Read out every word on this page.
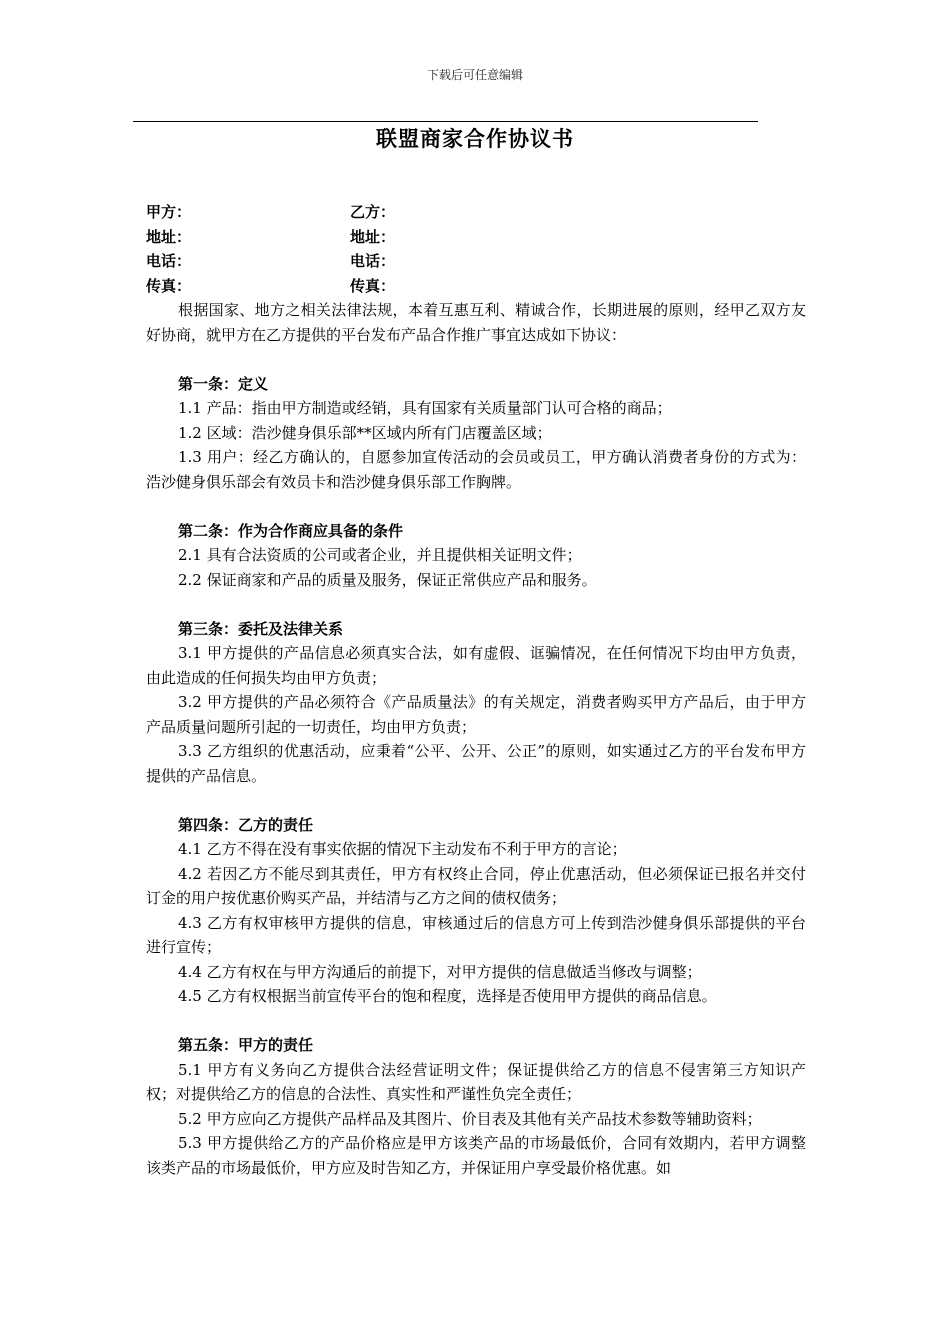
下载后可任意编辑
联盟商家合作协议书
甲方：	乙方：
地址：	地址：
电话：	电话：
传真：	传真：

根据国家、地方之相关法律法规，本着互惠互利、精诚合作，长期进展的原则，经甲乙双方友好协商，就甲方在乙方提供的平台发布产品合作推广事宜达成如下协议：

第一条：定义

1.1 产品：指由甲方制造或经销，具有国家有关质量部门认可合格的商品；

1.2 区域：浩沙健身俱乐部**区域内所有门店覆盖区域；

1.3 用户：经乙方确认的，自愿参加宣传活动的会员或员工，甲方确认消费者身份的方式为：浩沙健身俱乐部会有效员卡和浩沙健身俱乐部工作胸牌。

第二条：作为合作商应具备的条件

2.1 具有合法资质的公司或者企业，并且提供相关证明文件；

2.2 保证商家和产品的质量及服务，保证正常供应产品和服务。

第三条：委托及法律关系

3.1 甲方提供的产品信息必须真实合法，如有虚假、诓骗情况，在任何情况下均由甲方负责，由此造成的任何损失均由甲方负责；

3.2 甲方提供的产品必须符合《产品质量法》的有关规定，消费者购买甲方产品后，由于甲方产品质量问题所引起的一切责任，均由甲方负责；

3.3 乙方组织的优惠活动，应秉着“公平、公开、公正”的原则，如实通过乙方的平台发布甲方提供的产品信息。

第四条：乙方的责任

4.1 乙方不得在没有事实依据的情况下主动发布不利于甲方的言论；

4.2 若因乙方不能尽到其责任，甲方有权终止合同，停止优惠活动，但必须保证已报名并交付订金的用户按优惠价购买产品，并结清与乙方之间的债权债务；

4.3 乙方有权审核甲方提供的信息，审核通过后的信息方可上传到浩沙健身俱乐部提供的平台进行宣传；

4.4 乙方有权在与甲方沟通后的前提下，对甲方提供的信息做适当修改与调整；

4.5 乙方有权根据当前宣传平台的饱和程度，选择是否使用甲方提供的商品信息。

第五条：甲方的责任

5.1 甲方有义务向乙方提供合法经营证明文件；保证提供给乙方的信息不侵害第三方知识产权；对提供给乙方的信息的合法性、真实性和严谨性负完全责任；

5.2 甲方应向乙方提供产品样品及其图片、价目表及其他有关产品技术参数等辅助资料；

5.3 甲方提供给乙方的产品价格应是甲方该类产品的市场最低价，合同有效期内，若甲方调整该类产品的市场最低价，甲方应及时告知乙方，并保证用户享受最价格优惠。如
